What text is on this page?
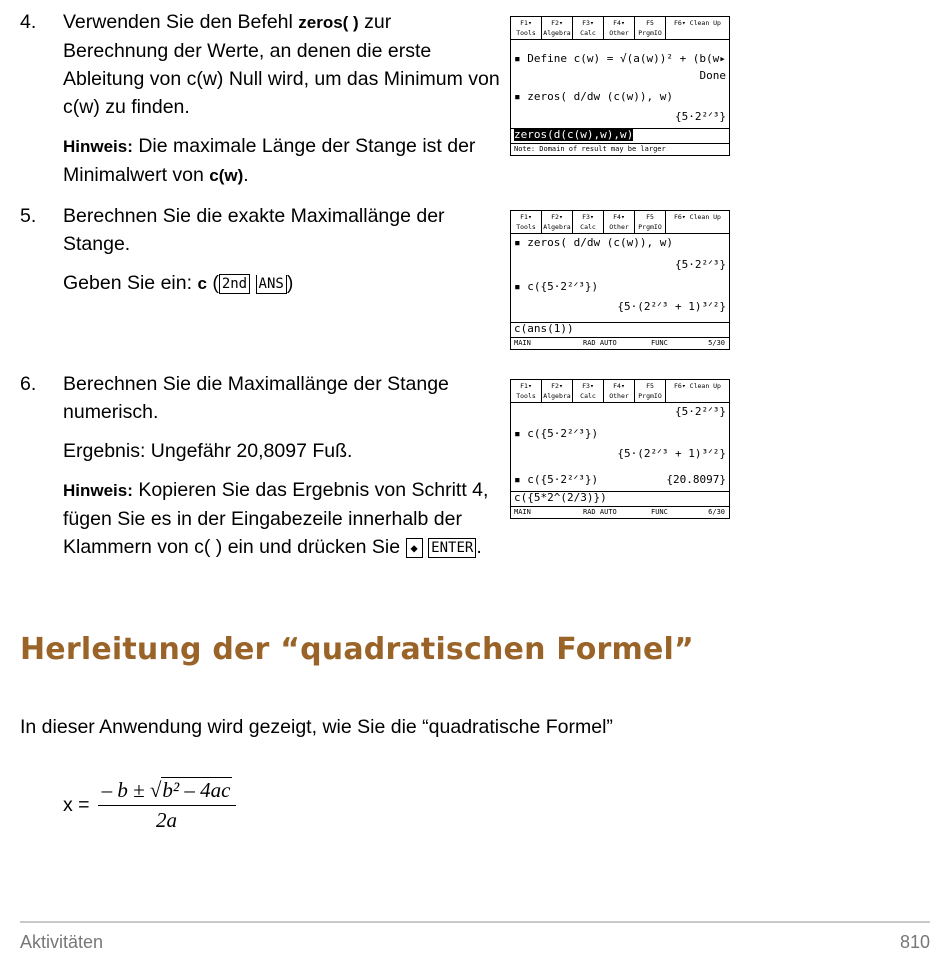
4. Verwenden Sie den Befehl zeros( ) zur Berechnung der Werte, an denen die erste Ableitung von c(w) Null wird, um das Minimum von c(w) zu finden.

Hinweis: Die maximale Länge der Stange ist der Minimalwert von c(w).

5. Berechnen Sie die exakte Maximallänge der Stange.

Geben Sie ein: c ( 2nd ANS )

6. Berechnen Sie die Maximallänge der Stange numerisch.

Ergebnis: Ungefähr 20,8097 Fuß.

Hinweis: Kopieren Sie das Ergebnis von Schritt 4, fügen Sie es in der Eingabezeile innerhalb der Klammern von c( ) ein und drücken Sie ◆ ENTER .

F1▾ Tools
F2▾ Algebra
F3▾ Calc
F4▾ Other
F5 PrgmIO
F6▾ Clean Up
▪ Define c(w) = √(a(w))² + (b(w▸
Done
▪ zeros( d/dw (c(w)), w)
{5·2²ᐟ³}
zeros(d(c(w),w),w)
Note: Domain of result may be larger
F1▾ Tools
F2▾ Algebra
F3▾ Calc
F4▾ Other
F5 PrgmIO
F6▾ Clean Up
▪ zeros( d/dw (c(w)), w)
{5·2²ᐟ³}
▪ c({5·2²ᐟ³})
{5·(2²ᐟ³ + 1)³ᐟ²}
c(ans(1))
MAIN	RAD AUTO	FUNC	5/30
F1▾ Tools
F2▾ Algebra
F3▾ Calc
F4▾ Other
F5 PrgmIO
F6▾ Clean Up
{5·2²ᐟ³}
▪ c({5·2²ᐟ³})
{5·(2²ᐟ³ + 1)³ᐟ²}
▪ c({5·2²ᐟ³})	{20.8097}
c({5*2^(2/3)})
MAIN	RAD AUTO	FUNC	6/30
Herleitung der “quadratischen Formel”
In dieser Anwendung wird gezeigt, wie Sie die “quadratische Formel”
$x = \frac{\text{– b ± √b² – 4ac}}{2a}$
Aktivitäten	810
